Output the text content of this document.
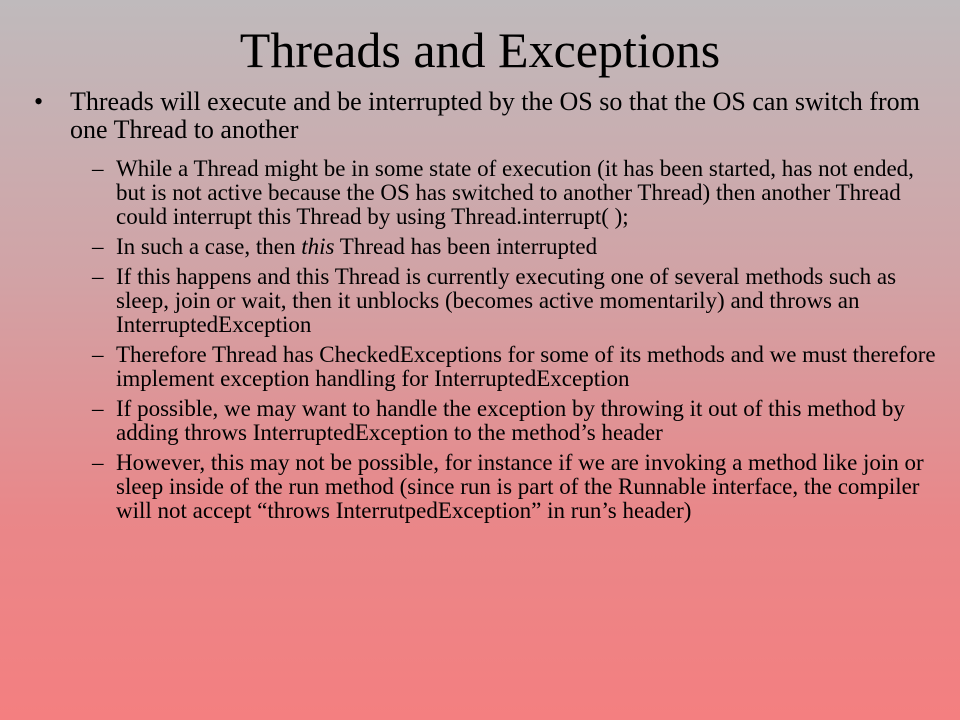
Threads and Exceptions
• Threads will execute and be interrupted by the OS so that the OS can switch from one Thread to another
– While a Thread might be in some state of execution (it has been started, has not ended, but is not active because the OS has switched to another Thread) then another Thread could interrupt this Thread by using Thread.interrupt( );
– In such a case, then this Thread has been interrupted
– If this happens and this Thread is currently executing one of several methods such as sleep, join or wait, then it unblocks (becomes active momentarily) and throws an InterruptedException
– Therefore Thread has CheckedExceptions for some of its methods and we must therefore implement exception handling for InterruptedException
– If possible, we may want to handle the exception by throwing it out of this method by adding throws InterruptedException to the method’s header
– However, this may not be possible, for instance if we are invoking a method like join or sleep inside of the run method (since run is part of the Runnable interface, the compiler will not accept “throws InterrutpedException” in run’s header)
